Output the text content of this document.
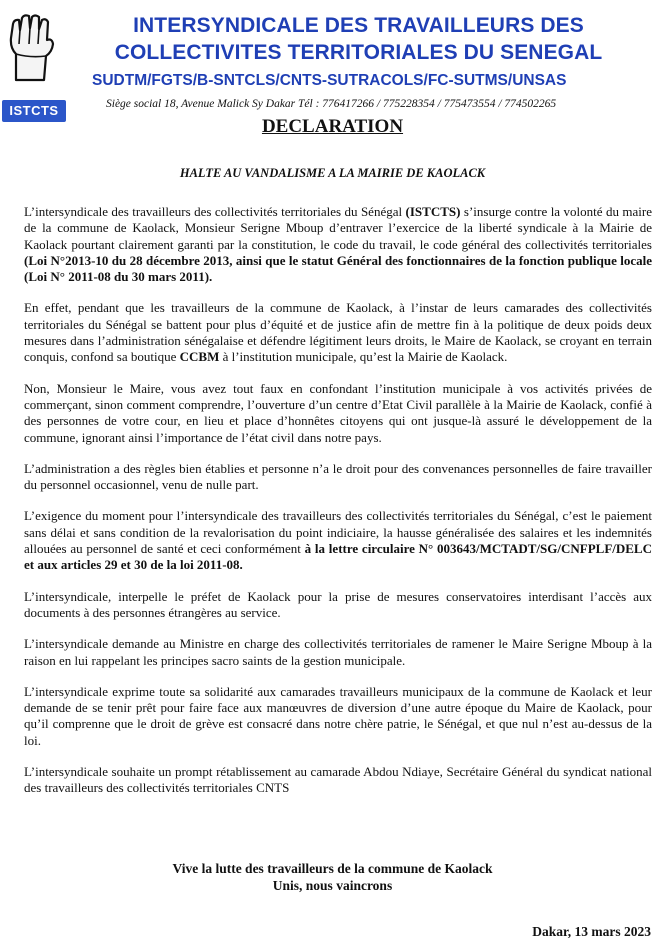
ISTCTS
INTERSYNDICALE DES TRAVAILLEURS DES COLLECTIVITES TERRITORIALES DU SENEGAL
SUDTM/FGTS/B-SNTCLS/CNTS-SUTRACOLS/FC-SUTMS/UNSAS
Siège social 18, Avenue Malick Sy Dakar Tél : 776417266 / 775228354 / 775473554 / 774502265
DECLARATION
HALTE AU VANDALISME A LA MAIRIE DE KAOLACK

L’intersyndicale des travailleurs des collectivités territoriales du Sénégal (ISTCTS) s’insurge contre la volonté du maire de la commune de Kaolack, Monsieur Serigne Mboup d’entraver l’exercice de la liberté syndicale à la Mairie de Kaolack pourtant clairement garanti par la constitution, le code du travail, le code général des collectivités territoriales (Loi N°2013-10 du 28 décembre 2013, ainsi que le statut Général des fonctionnaires de la fonction publique locale (Loi N° 2011-08 du 30 mars 2011).

En effet, pendant que les travailleurs de la commune de Kaolack, à l’instar de leurs camarades des collectivités territoriales du Sénégal se battent pour plus d’équité et de justice afin de mettre fin à la politique de deux poids deux mesures dans l’administration sénégalaise et défendre légitiment leurs droits, le Maire de Kaolack, se croyant en terrain conquis, confond sa boutique CCBM à l’institution municipale, qu’est la Mairie de Kaolack.

Non, Monsieur le Maire, vous avez tout faux en confondant l’institution municipale à vos activités privées de commerçant, sinon comment comprendre, l’ouverture d’un centre d’Etat Civil parallèle à la Mairie de Kaolack, confié à des personnes de votre cour, en lieu et place d’honnêtes citoyens qui ont jusque-là assuré le développement de la commune, ignorant ainsi l’importance de l’état civil dans notre pays.

L’administration a des règles bien établies et personne n’a le droit pour des convenances personnelles de faire travailler du personnel occasionnel, venu de nulle part.

L’exigence du moment pour l’intersyndicale des travailleurs des collectivités territoriales du Sénégal, c’est le paiement sans délai et sans condition de la revalorisation du point indiciaire, la hausse généralisée des salaires et les indemnités allouées au personnel de santé et ceci conformément à la lettre circulaire N° 003643/MCTADT/SG/CNFPLF/DELC et aux articles 29 et 30 de la loi 2011-08.

L’intersyndicale, interpelle le préfet de Kaolack pour la prise de mesures conservatoires interdisant l’accès aux documents à des personnes étrangères au service.

L’intersyndicale demande au Ministre en charge des collectivités territoriales de ramener le Maire Serigne Mboup à la raison en lui rappelant les principes sacro saints de la gestion municipale.

L’intersyndicale exprime toute sa solidarité aux camarades travailleurs municipaux de la commune de Kaolack et leur demande de se tenir prêt pour faire face aux manœuvres de diversion d’une autre époque du Maire de Kaolack, pour qu’il comprenne que le droit de grève est consacré dans notre chère patrie, le Sénégal, et que nul n’est au-dessus de la loi.

L’intersyndicale souhaite un prompt rétablissement au camarade Abdou Ndiaye, Secrétaire Général du syndicat national des travailleurs des collectivités territoriales CNTS

Vive la lutte des travailleurs de la commune de Kaolack
Unis, nous vaincrons
Dakar, 13 mars 2023
